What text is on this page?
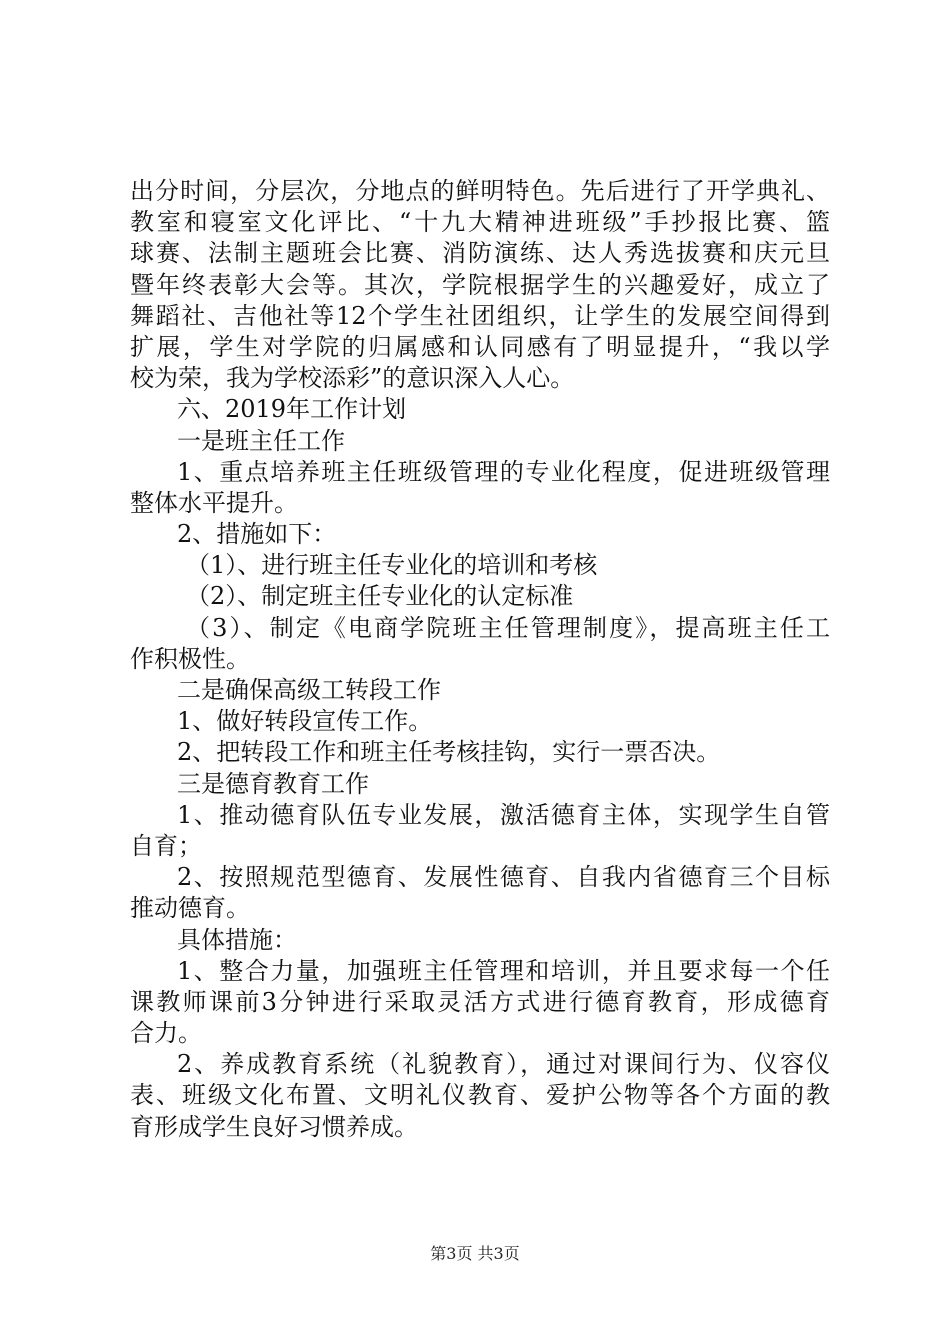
出分时间，分层次，分地点的鲜明特色。先后进行了开学典礼、
教室和寝室文化评比、“十九大精神进班级”手抄报比赛、篮
球赛、法制主题班会比赛、消防演练、达人秀选拔赛和庆元旦
暨年终表彰大会等。其次，学院根据学生的兴趣爱好，成立了
舞蹈社、吉他社等12个学生社团组织，让学生的发展空间得到
扩展，学生对学院的归属感和认同感有了明显提升，“我以学
校为荣，我为学校添彩”的意识深入人心。
六、2019年工作计划
一是班主任工作
1、重点培养班主任班级管理的专业化程度，促进班级管理
整体水平提升。
2、措施如下：
（1）、进行班主任专业化的培训和考核
（2）、制定班主任专业化的认定标准
（3）、制定《电商学院班主任管理制度》，提高班主任工
作积极性。
二是确保高级工转段工作
1、做好转段宣传工作。
2、把转段工作和班主任考核挂钩，实行一票否决。
三是德育教育工作
1、推动德育队伍专业发展，激活德育主体，实现学生自管
自育；
2、按照规范型德育、发展性德育、自我内省德育三个目标
推动德育。
具体措施：
1、整合力量，加强班主任管理和培训，并且要求每一个任
课教师课前3分钟进行采取灵活方式进行德育教育，形成德育
合力。
2、养成教育系统（礼貌教育），通过对课间行为、仪容仪
表、班级文化布置、文明礼仪教育、爱护公物等各个方面的教
育形成学生良好习惯养成。
第3页 共3页
